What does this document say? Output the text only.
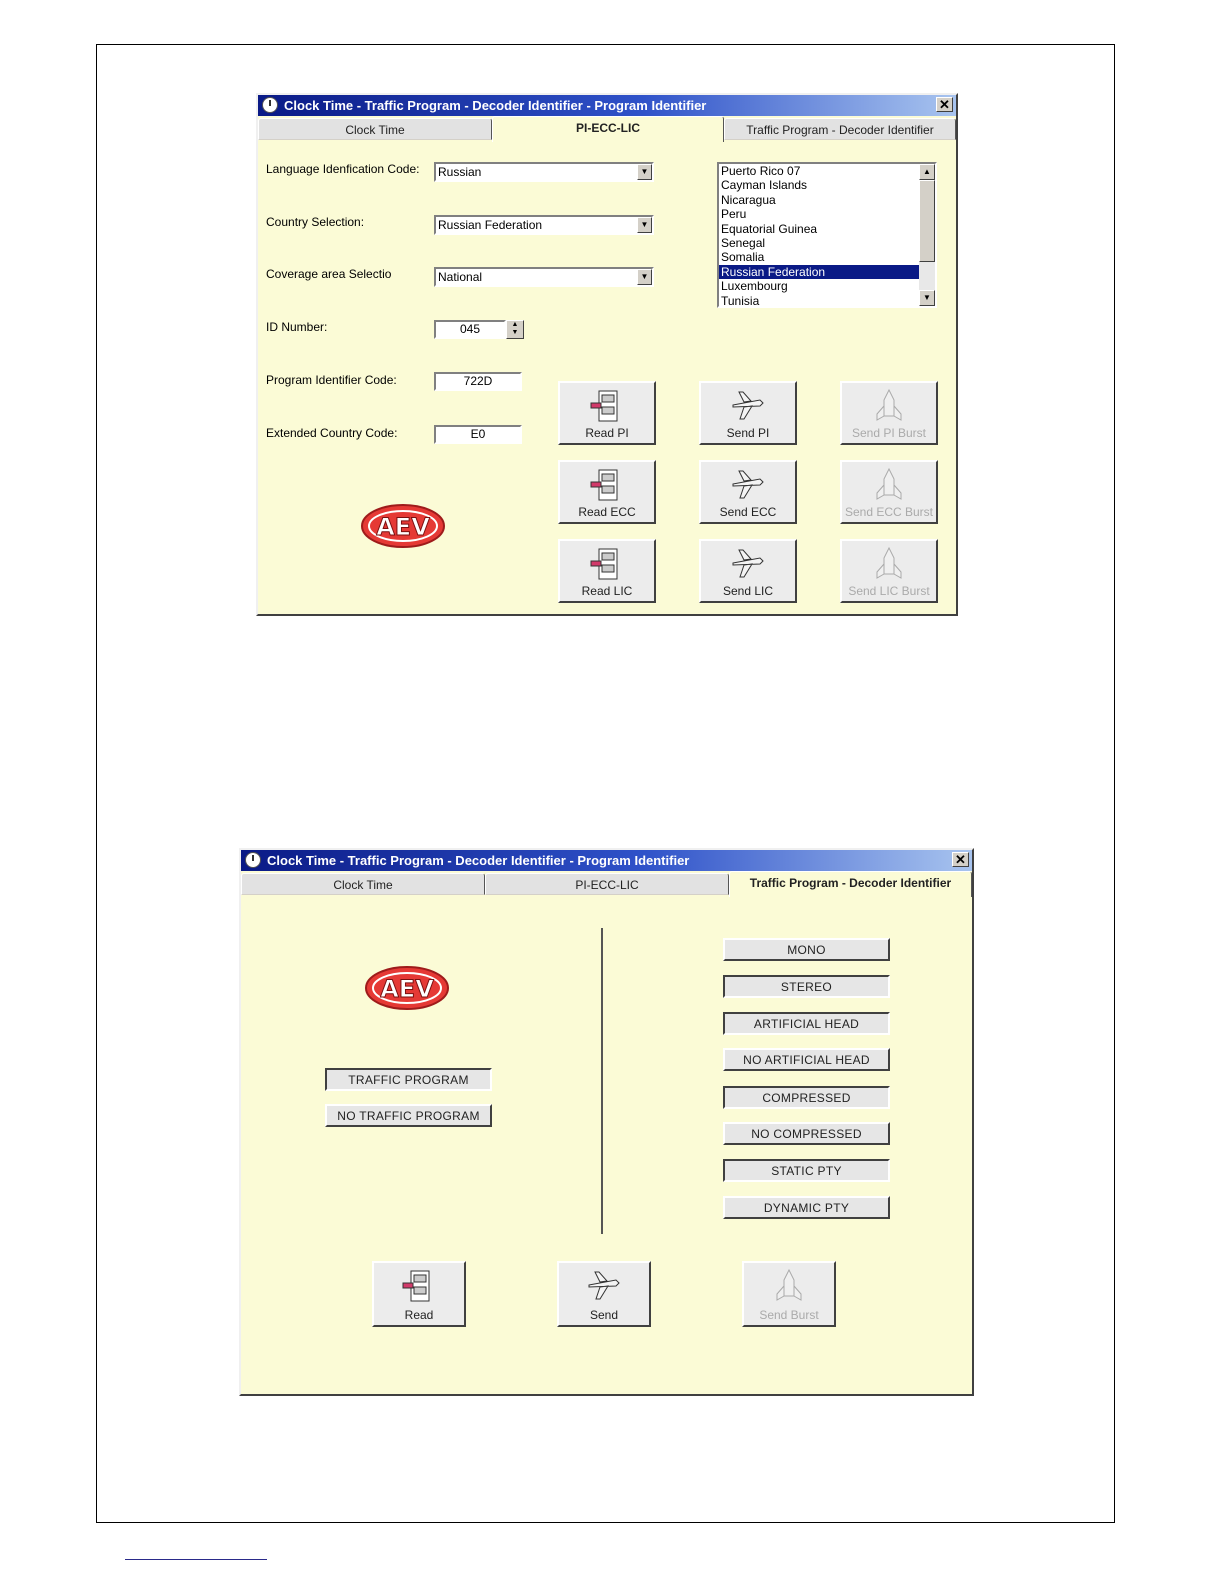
Clock Time - Traffic Program - Decoder Identifier - Program Identifier	✕
Clock Time	PI-ECC-LIC	Traffic Program - Decoder Identifier
Language Idenfication Code:	Russian	▼
Country Selection:	Russian Federation	▼
Coverage area Selectio	National	▼
ID Number:	045	▲
▼
Program Identifier Code:	722D
Extended Country Code:	E0
Puerto Rico 07
Cayman Islands
Nicaragua
Peru
Equatorial Guinea
Senegal
Somalia
Russian Federation
Luxembourg
Tunisia
▲
▼
AEV
Read PI	Send PI	Send PI Burst
Read ECC	Send ECC	Send ECC Burst
Read LIC	Send LIC	Send LIC Burst
Clock Time - Traffic Program - Decoder Identifier - Program Identifier	✕
Clock Time	PI-ECC-LIC	Traffic Program - Decoder Identifier
AEV
TRAFFIC PROGRAM
NO TRAFFIC PROGRAM
MONO
STEREO
ARTIFICIAL HEAD
NO ARTIFICIAL HEAD
COMPRESSED
NO COMPRESSED
STATIC PTY
DYNAMIC PTY
Read	Send	Send Burst
